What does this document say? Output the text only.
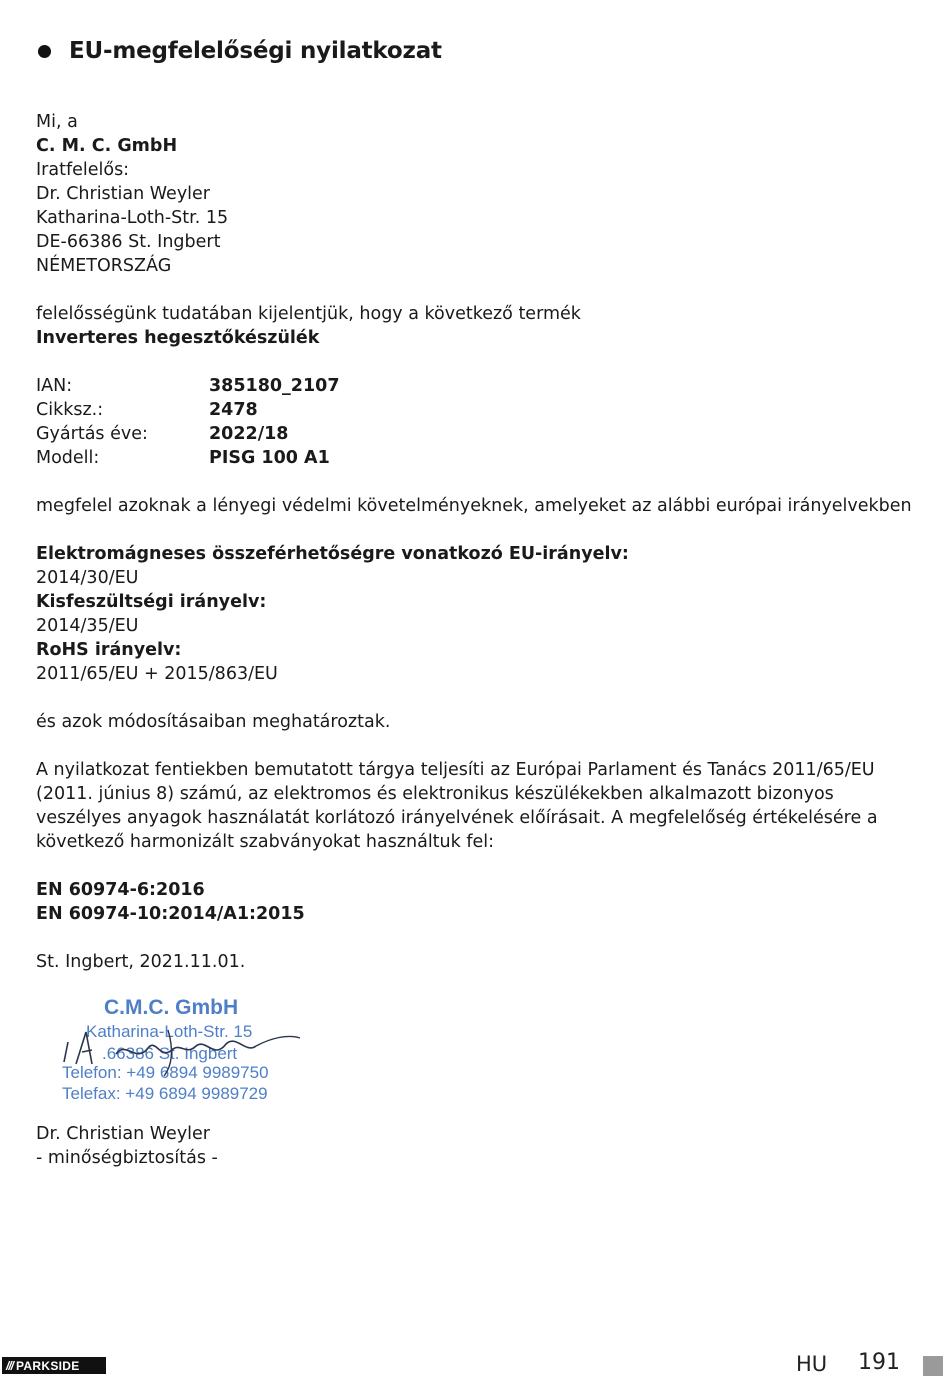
EU-megfelelőségi nyilatkozat
Mi, a
C. M. C. GmbH
Iratfelelős:
Dr. Christian Weyler
Katharina-Loth-Str. 15
DE-66386 St. Ingbert
NÉMETORSZÁG
felelősségünk tudatában kijelentjük, hogy a következő termék
Inverteres hegesztőkészülék
IAN:	385180_2107
Cikksz.:	2478
Gyártás éve:	2022/18
Modell:	PISG 100 A1
megfelel azoknak a lényegi védelmi követelményeknek, amelyeket az alábbi európai irányelvekben
Elektromágneses összeférhetőségre vonatkozó EU-irányelv:
2014/30/EU
Kisfeszültségi irányelv:
2014/35/EU
RoHS irányelv:
2011/65/EU + 2015/863/EU
és azok módosításaiban meghatároztak.
A nyilatkozat fentiekben bemutatott tárgya teljesíti az Európai Parlament és Tanács 2011/65/EU (2011. június 8) számú, az elektromos és elektronikus készülékekben alkalmazott bizonyos veszélyes anyagok használatát korlátozó irányelvének előírásait. A megfelelőség értékelésére a következő harmonizált szabványokat használtuk fel:
EN 60974-6:2016
EN 60974-10:2014/A1:2015
St. Ingbert, 2021.11.01.
C.M.C. GmbH
Katharina-Loth-Str. 15
.66386 St. Ingbert
Telefon: +49 6894 9989750
Telefax: +49 6894 9989729
Dr. Christian Weyler
- minőségbiztosítás -
/// PARKSIDE	HU 191
